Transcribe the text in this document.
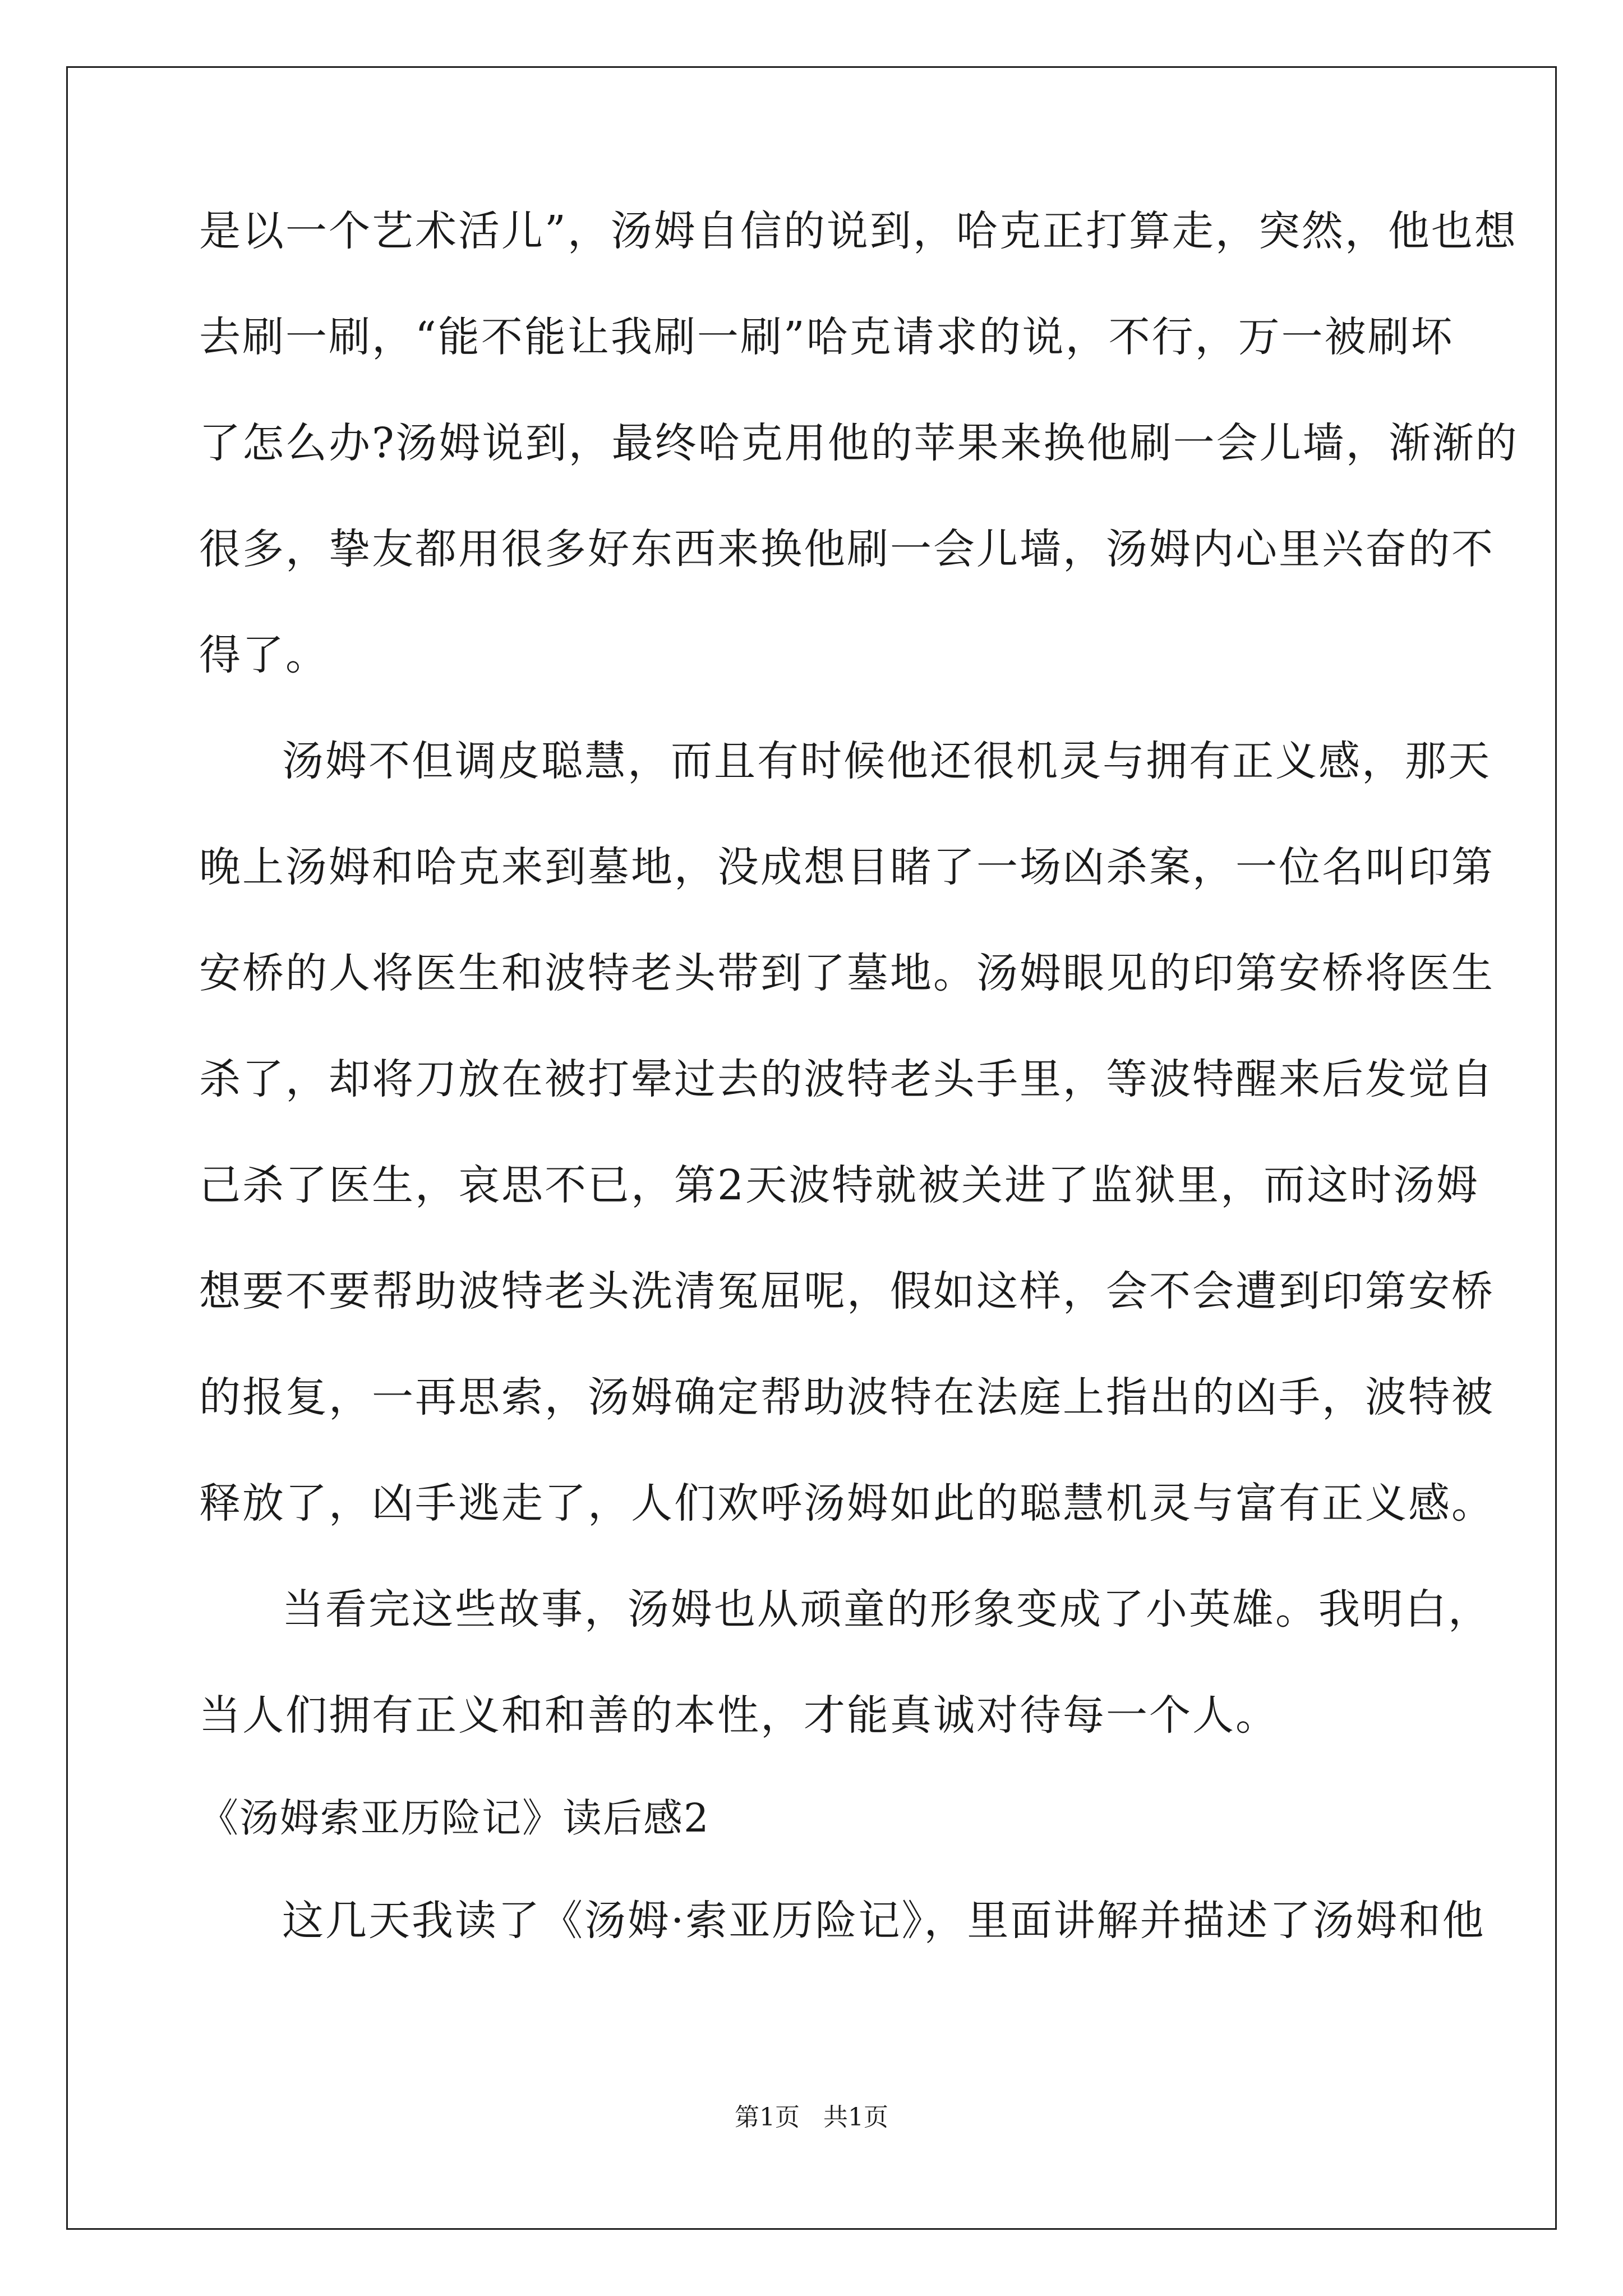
是以一个艺术活儿”，汤姆自信的说到，哈克正打算走，突然，他也想
去刷一刷，“能不能让我刷一刷”哈克请求的说，不行，万一被刷坏
了怎么办?汤姆说到，最终哈克用他的苹果来换他刷一会儿墙，渐渐的
很多，挚友都用很多好东西来换他刷一会儿墙，汤姆内心里兴奋的不
得了。
汤姆不但调皮聪慧，而且有时候他还很机灵与拥有正义感，那天
晚上汤姆和哈克来到墓地，没成想目睹了一场凶杀案，一位名叫印第
安桥的人将医生和波特老头带到了墓地。汤姆眼见的印第安桥将医生
杀了，却将刀放在被打晕过去的波特老头手里，等波特醒来后发觉自
己杀了医生，哀思不已，第2天波特就被关进了监狱里，而这时汤姆
想要不要帮助波特老头洗清冤屈呢，假如这样，会不会遭到印第安桥
的报复，一再思索，汤姆确定帮助波特在法庭上指出的凶手，波特被
释放了，凶手逃走了，人们欢呼汤姆如此的聪慧机灵与富有正义感。
当看完这些故事，汤姆也从顽童的形象变成了小英雄。我明白，
当人们拥有正义和和善的本性，才能真诚对待每一个人。
《汤姆索亚历险记》读后感2
这几天我读了《汤姆·索亚历险记》，里面讲解并描述了汤姆和他
第1页   共1页
